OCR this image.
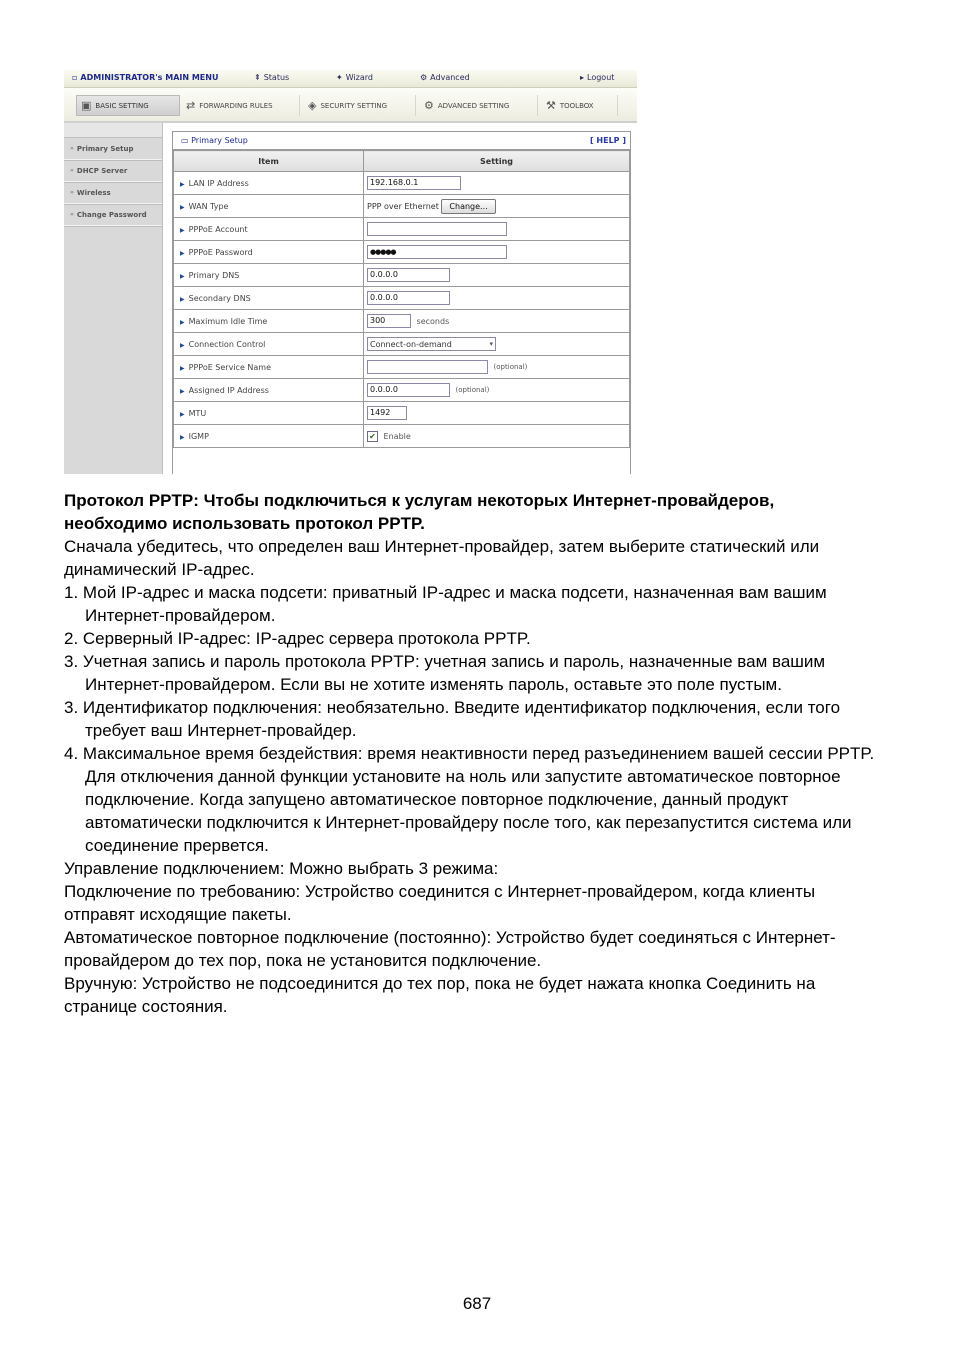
▫ ADMINISTRATOR's MAIN MENU	⇞ Status	✦ Wizard	⚙ Advanced	▸ Logout
▣ BASIC SETTING	⇄ FORWARDING RULES	◈ SECURITY SETTING	⚙ ADVANCED SETTING	⚒ TOOLBOX
» Primary Setup
» DHCP Server
» Wireless
» Change Password
▭ Primary Setup	[ HELP ]
Item	Setting
▶ LAN IP Address	192.168.0.1
▶ WAN Type	PPP over Ethernet Change...
▶ PPPoE Account	
▶ PPPoE Password	●●●●●
▶ Primary DNS	0.0.0.0
▶ Secondary DNS	0.0.0.0
▶ Maximum Idle Time	300 seconds
▶ Connection Control	Connect-on-demand ▾

▶ PPPoE Service Name	(optional)
▶ Assigned IP Address	0.0.0.0 (optional)
▶ MTU	1492
▶ IGMP	✔ Enable

Протокол PPTP: Чтобы подключиться к услугам некоторых Интернет-провайдеров,
необходимо использовать протокол PPTP.

Сначала убедитесь, что определен ваш Интернет-провайдер, затем выберите статический или динамический IP-адрес.

1. Мой IP-адрес и маска подсети: приватный IP-адрес и маска подсети, назначенная вам вашим Интернет-провайдером.
2. Серверный IP-адрес: IP-адрес сервера протокола PPTP.
3. Учетная запись и пароль протокола PPTP: учетная запись и пароль, назначенные вам вашим Интернет-провайдером. Если вы не хотите изменять пароль, оставьте это поле пустым.
3. Идентификатор подключения: необязательно. Введите идентификатор подключения, если того требует ваш Интернет-провайдер.
4. Максимальное время бездействия: время неактивности перед разъединением вашей сессии PPTP. Для отключения данной функции установите на ноль или запустите автоматическое повторное подключение. Когда запущено автоматическое повторное подключение, данный продукт автоматически подключится к Интернет-провайдеру после того, как перезапустится система или соединение прервется.

Управление подключением: Можно выбрать 3 режима:

Подключение по требованию: Устройство соединится с Интернет-провайдером, когда клиенты отправят исходящие пакеты.

Автоматическое повторное подключение (постоянно): Устройство будет соединяться с Интернет-провайдером до тех пор, пока не установится подключение.

Вручную: Устройство не подсоединится до тех пор, пока не будет нажата кнопка Соединить на странице состояния.

687
